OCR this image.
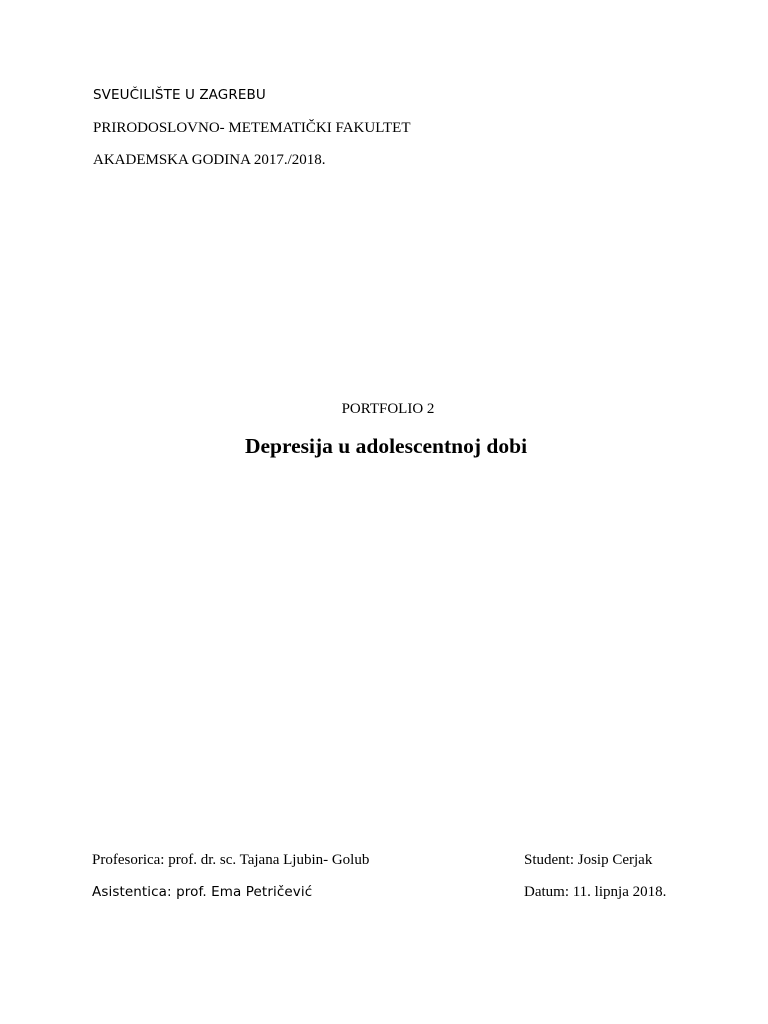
SVEUČILIŠTE U ZAGREBU
PRIRODOSLOVNO- METEMATIČKI FAKULTET
AKADEMSKA GODINA 2017./2018.
PORTFOLIO 2
Depresija u adolescentnoj dobi
Profesorica: prof. dr. sc. Tajana Ljubin- Golub
Asistentica: prof. Ema Petričević
Student: Josip Cerjak
Datum: 11. lipnja 2018.
